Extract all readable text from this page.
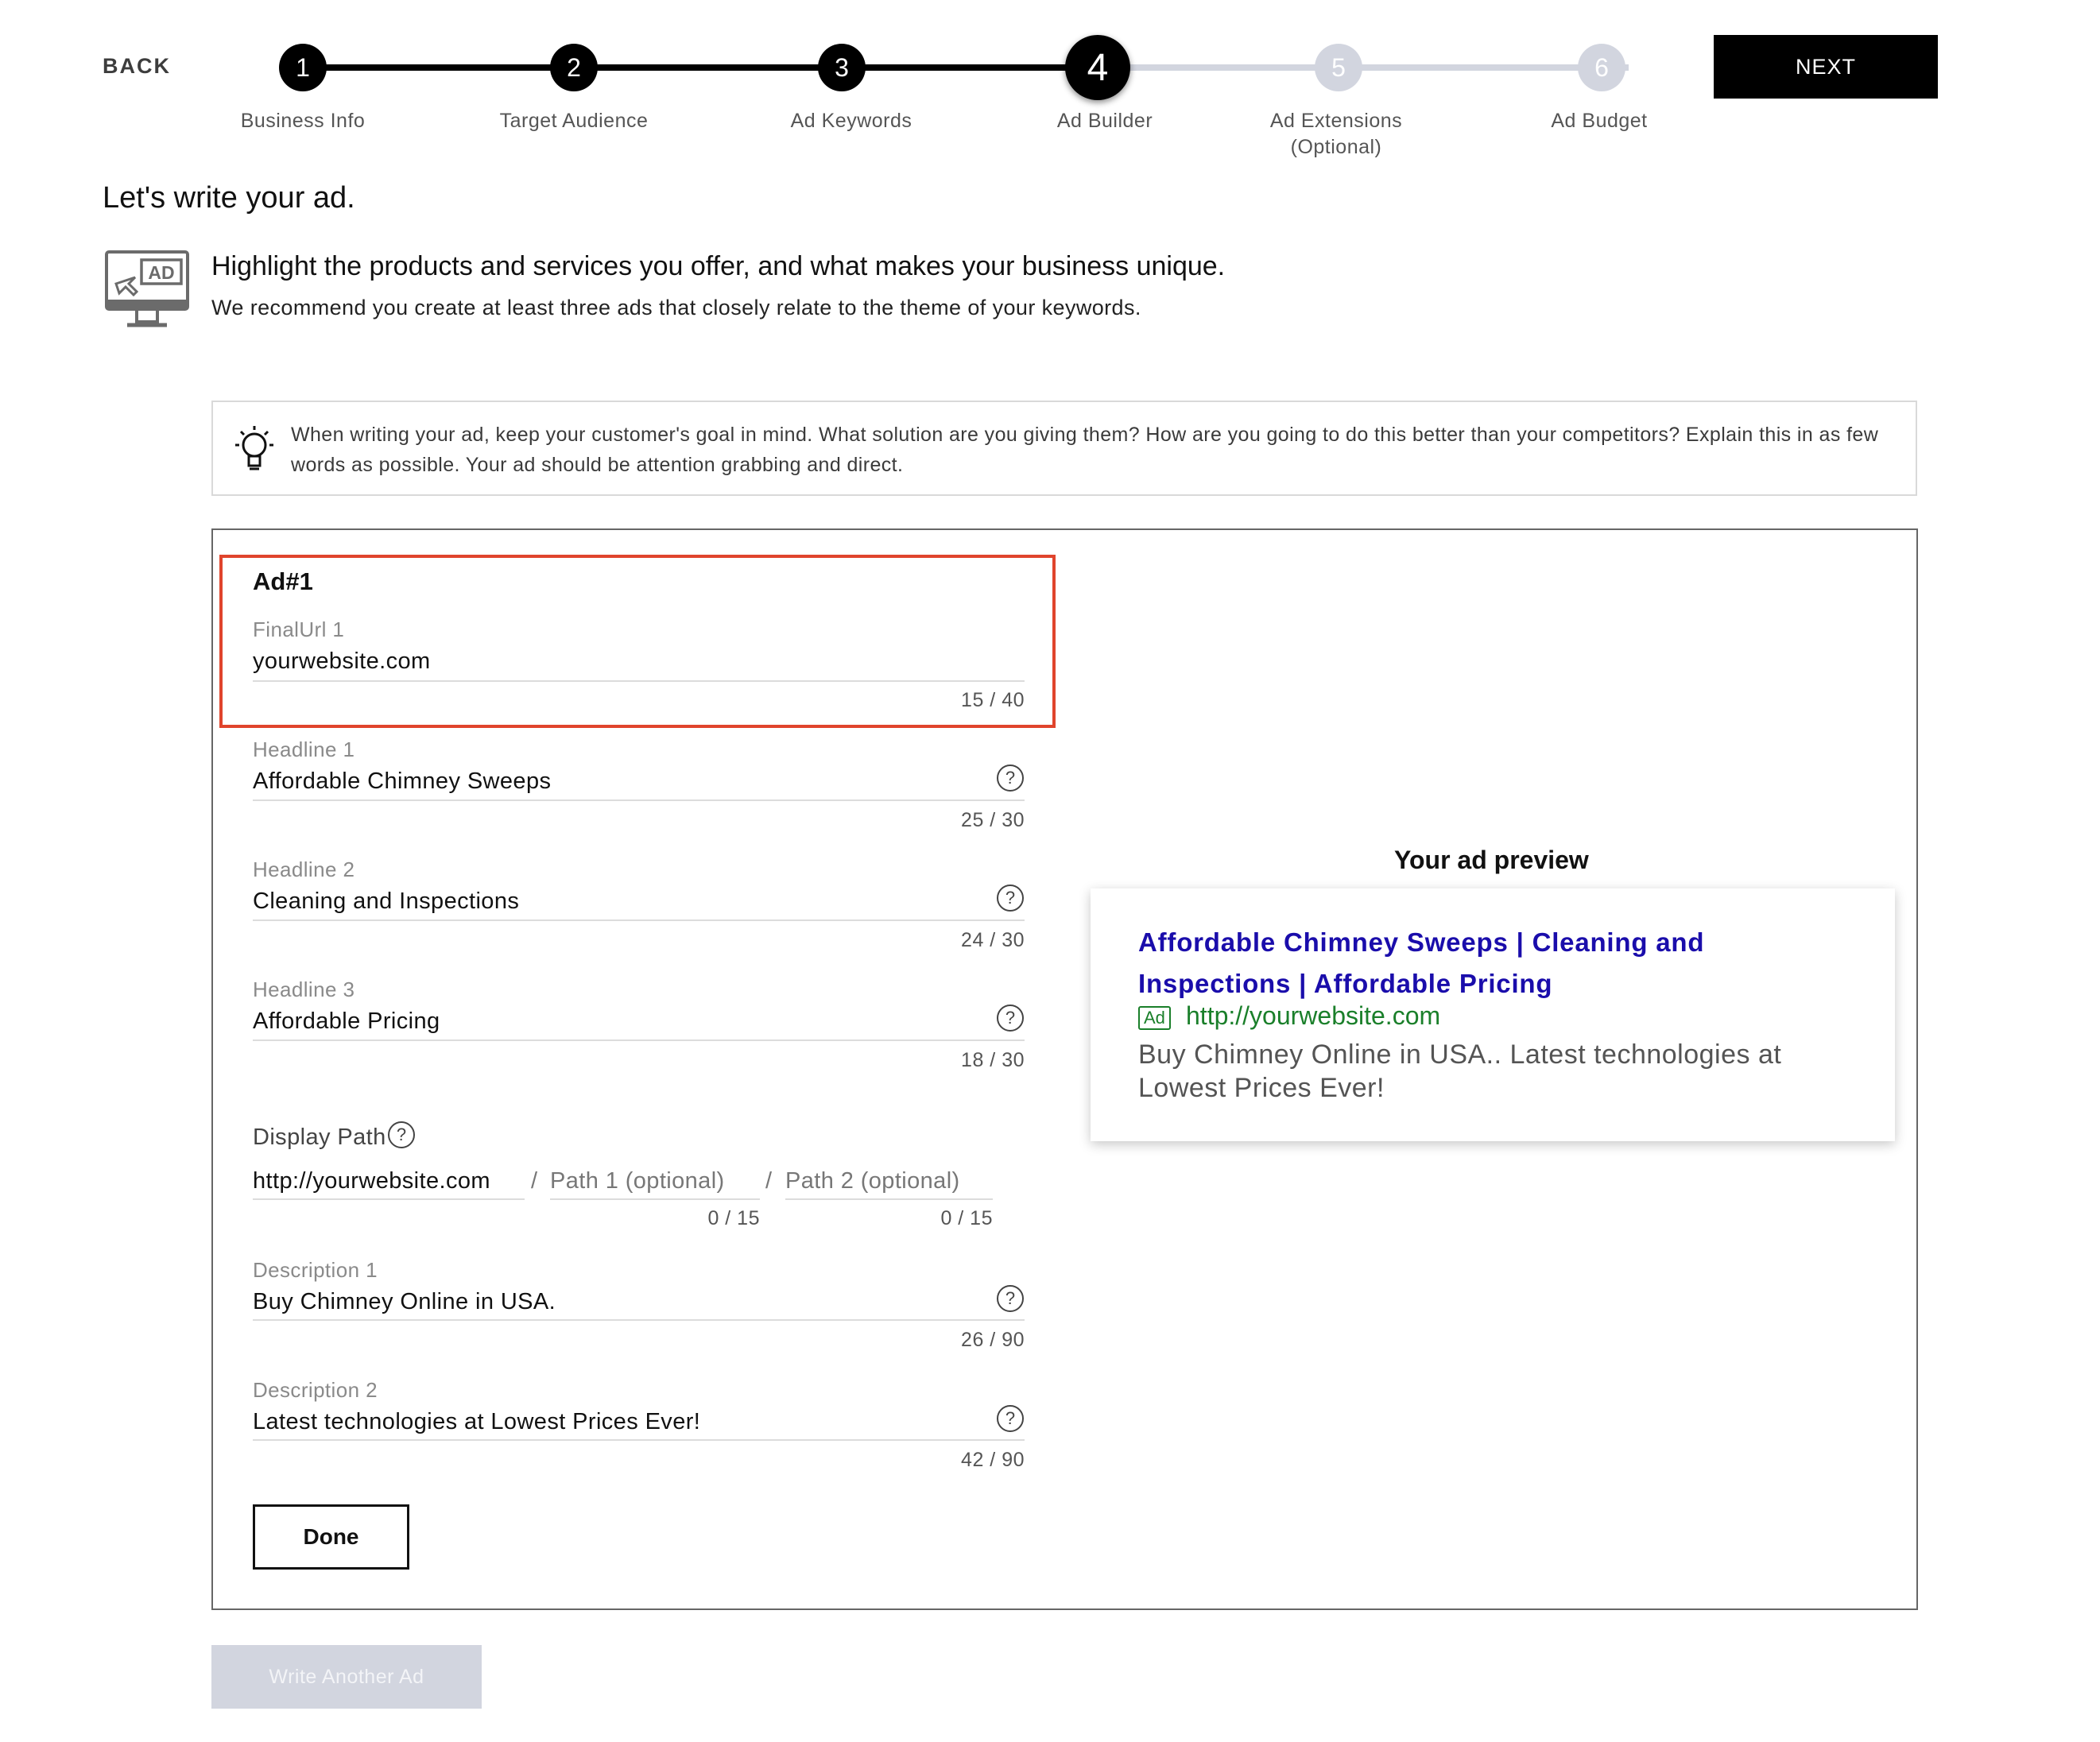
BACK	1	2	3	4	5	6
Business Info	Target Audience	Ad Keywords	Ad Builder	Ad Extensions
(Optional)
Ad Budget
NEXT
Let's write your ad.
AD Highlight the products and services you offer, and what makes your business unique.
We recommend you create at least three ads that closely relate to the theme of your keywords.
When writing your ad, keep your customer's goal in mind. What solution are you giving them? How are you going to do this better than your competitors? Explain this in as few words as possible. Your ad should be attention grabbing and direct.
Ad#1
FinalUrl 1
yourwebsite.com
15 / 40
Headline 1
Affordable Chimney Sweeps	?
25 / 30
Headline 2
Cleaning and Inspections	?
24 / 30
Headline 3
Affordable Pricing	?
18 / 30
Display Path ?
http://yourwebsite.com / Path 1 (optional)
0 / 15
/ Path 2 (optional)
0 / 15
Description 1
Buy Chimney Online in USA.	?
26 / 90
Description 2
Latest technologies at Lowest Prices Ever!	?
42 / 90
Done
Your ad preview
Affordable Chimney Sweeps | Cleaning and Inspections | Affordable Pricing
Ad http://yourwebsite.com
Buy Chimney Online in USA.. Latest technologies at Lowest Prices Ever!
Write Another Ad
